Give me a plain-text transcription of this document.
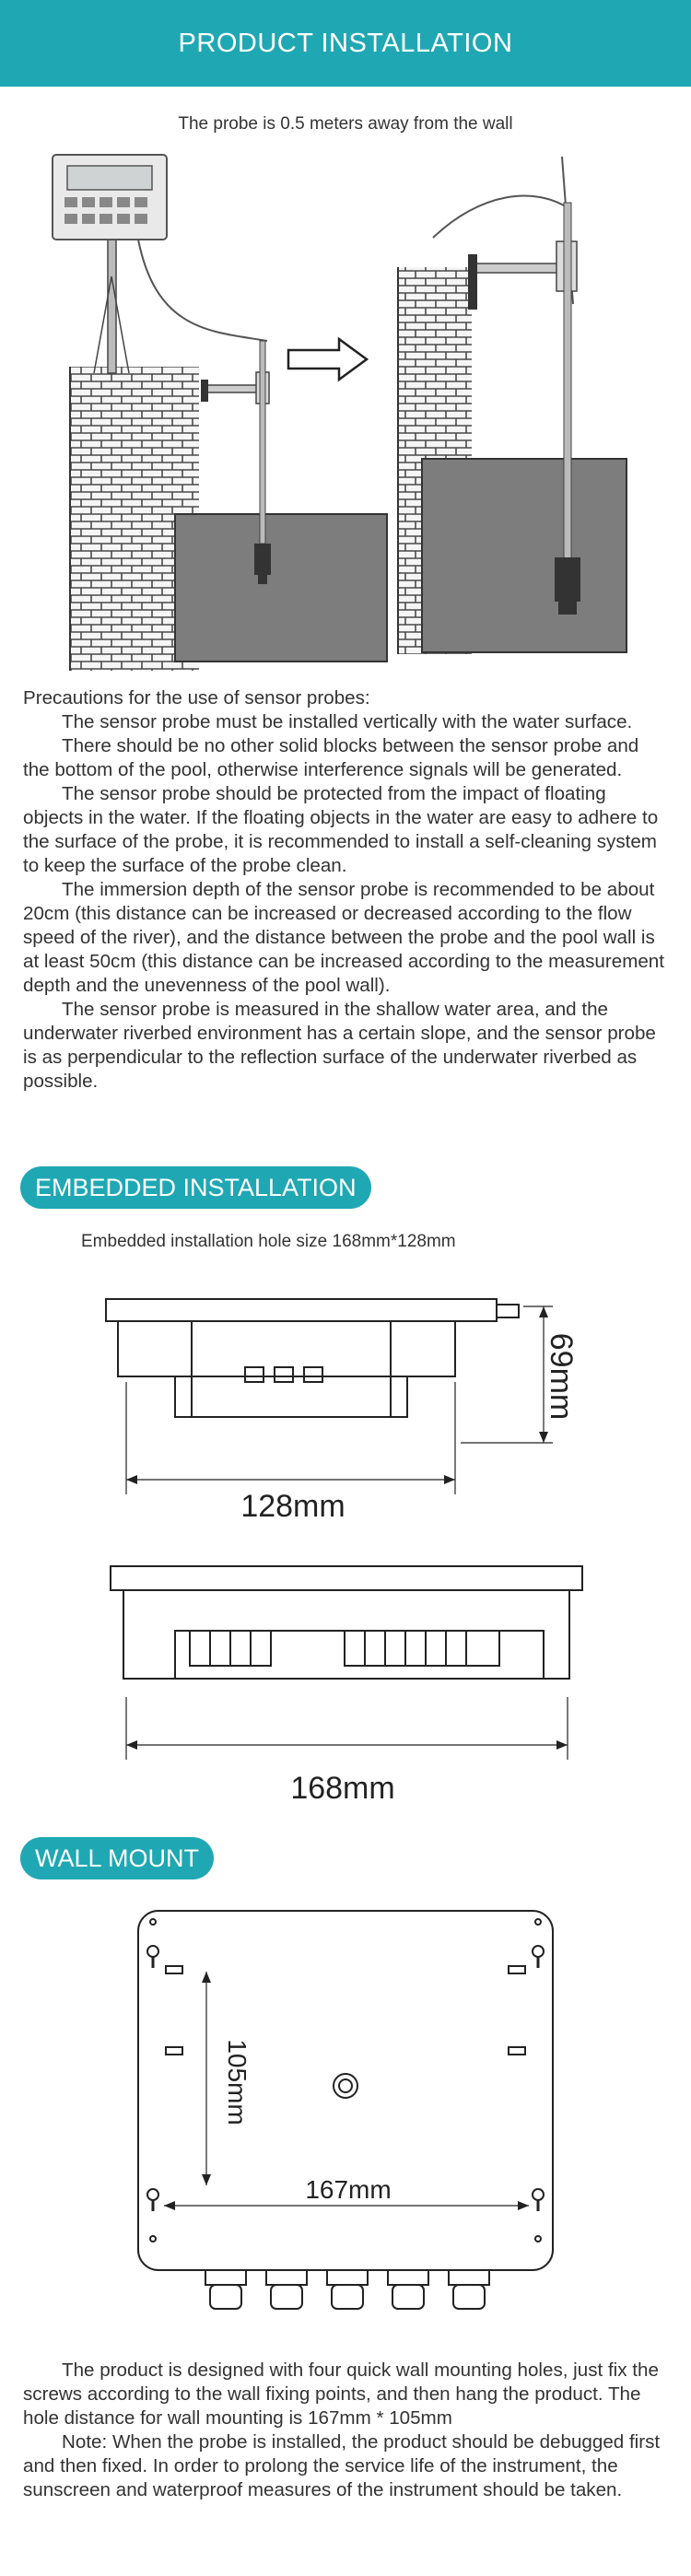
PRODUCT INSTALLATION
The probe is 0.5 meters away from the wall

Precautions for the use of sensor probes:

The sensor probe must be installed vertically with the water surface.

There should be no other solid blocks between the sensor probe and the bottom of the pool, otherwise interference signals will be generated.

The sensor probe should be protected from the impact of floating objects in the water. If the floating objects in the water are easy to adhere to the surface of the probe, it is recommended to install a self-cleaning system to keep the surface of the probe clean.

The immersion depth of the sensor probe is recommended to be about 20cm (this distance can be increased or decreased according to the flow speed of the river), and the distance between the probe and the pool wall is at least 50cm (this distance can be increased according to the measurement depth and the unevenness of the pool wall).

The sensor probe is measured in the shallow water area, and the underwater riverbed environment has a certain slope, and the sensor probe is as perpendicular to the reflection surface of the underwater riverbed as possible.

EMBEDDED INSTALLATION
Embedded installation hole size 168mm*128mm
69mm
128mm
168mm
WALL MOUNT
105mm
167mm

The product is designed with four quick wall mounting holes, just fix the screws according to the wall fixing points, and then hang the product. The hole distance for wall mounting is 167mm * 105mm

Note: When the probe is installed, the product should be debugged first and then fixed. In order to prolong the service life of the instrument, the sunscreen and waterproof measures of the instrument should be taken.
